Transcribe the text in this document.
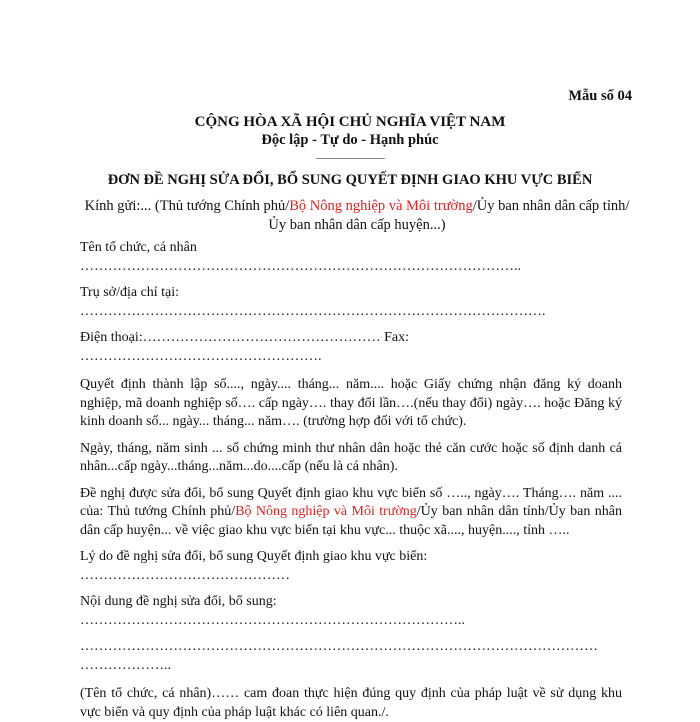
Mẫu số 04
CỘNG HÒA XÃ HỘI CHỦ NGHĨA VIỆT NAM
Độc lập - Tự do - Hạnh phúc
_______________
ĐƠN ĐỀ NGHỊ SỬA ĐỔI, BỔ SUNG QUYẾT ĐỊNH GIAO KHU VỰC BIỂN
Kính gửi:... (Thủ tướng Chính phủ/Bộ Nông nghiệp và Môi trường/Ủy ban nhân dân cấp tỉnh/Ủy ban nhân dân cấp huyện...)

Tên tổ chức, cá nhân

…………………………………………………………………………………..

Trụ sở/địa chỉ tại:

……………………………………………………………………………………….

Điện thoại:…………………………………………… Fax:

…………………………………………….

Quyết định thành lập số...., ngày.... tháng... năm.... hoặc Giấy chứng nhận đăng ký doanh nghiệp, mã doanh nghiệp số…. cấp ngày…. thay đổi lần….(nếu thay đổi) ngày…. hoặc Đăng ký kinh doanh số... ngày... tháng... năm…. (trường hợp đối với tổ chức).

Ngày, tháng, năm sinh ... số chứng minh thư nhân dân hoặc thẻ căn cước hoặc số định danh cá nhân...cấp ngày...tháng...năm...do....cấp (nếu là cá nhân).

Đề nghị được sửa đổi, bổ sung Quyết định giao khu vực biển số ….., ngày…. Tháng…. năm .... của: Thủ tướng Chính phủ/Bộ Nông nghiệp và Môi trường/Ủy ban nhân dân tỉnh/Ủy ban nhân dân cấp huyện... về việc giao khu vực biển tại khu vực... thuộc xã...., huyện...., tỉnh …..

Lý do đề nghị sửa đổi, bổ sung Quyết định giao khu vực biển:

………………………………………

Nội dung đề nghị sửa đổi, bổ sung:

………………………………………………………………………..

…………………………………………………………………………………………………

………………..

(Tên tổ chức, cá nhân)…… cam đoan thực hiện đúng quy định của pháp luật về sử dụng khu vực biển và quy định của pháp luật khác có liên quan./.
